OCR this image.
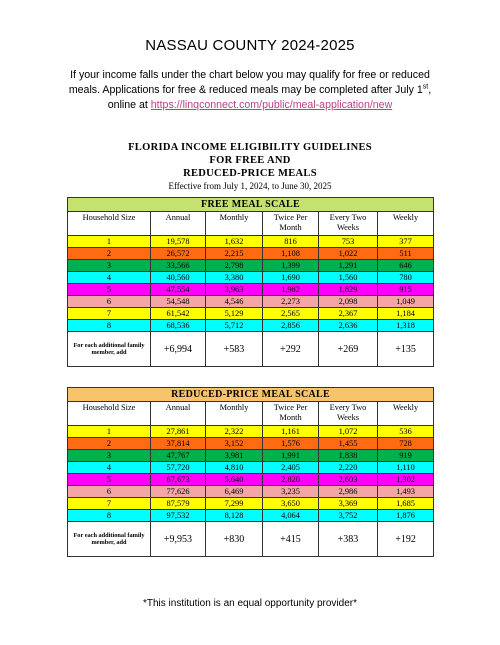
NASSAU COUNTY 2024-2025
If your income falls under the chart below you may qualify for free or reduced
meals. Applications for free & reduced meals may be completed after July 1st,
online at https://linqconnect.com/public/meal-application/new
FLORIDA INCOME ELIGIBILITY GUIDELINES
FOR FREE AND
REDUCED-PRICE MEALS
Effective from July 1, 2024, to June 30, 2025
FREE MEAL SCALE					
Household Size	Annual	Monthly	Twice Per Month	Every Two Weeks	Weekly
1	19,578	1,632	816	753	377
2	26,572	2,215	1,108	1,022	511
3	33,566	2,798	1,399	1,291	646
4	40,560	3,380	1,690	1,560	780
5	47,554	3,963	1,982	1,829	915
6	54,548	4,546	2,273	2,098	1,049
7	61,542	5,129	2,565	2,367	1,184
8	68,536	5,712	2,856	2,636	1,318
For each additional family member, add	+6,994	+583	+292	+269	+135
REDUCED-PRICE MEAL SCALE					
Household Size	Annual	Monthly	Twice Per Month	Every Two Weeks	Weekly
1	27,861	2,322	1,161	1,072	536
2	37,814	3,152	1,576	1,455	728
3	47,767	3,981	1,991	1,838	919
4	57,720	4,810	2,405	2,220	1,110
5	67,673	5,640	2,820	2,603	1,302
6	77,626	6,469	3,235	2,986	1,493
7	87,579	7,299	3,650	3,369	1,685
8	97,532	8,128	4,064	3,752	1,876
For each additional family member, add	+9,953	+830	+415	+383	+192
*This institution is an equal opportunity provider*
